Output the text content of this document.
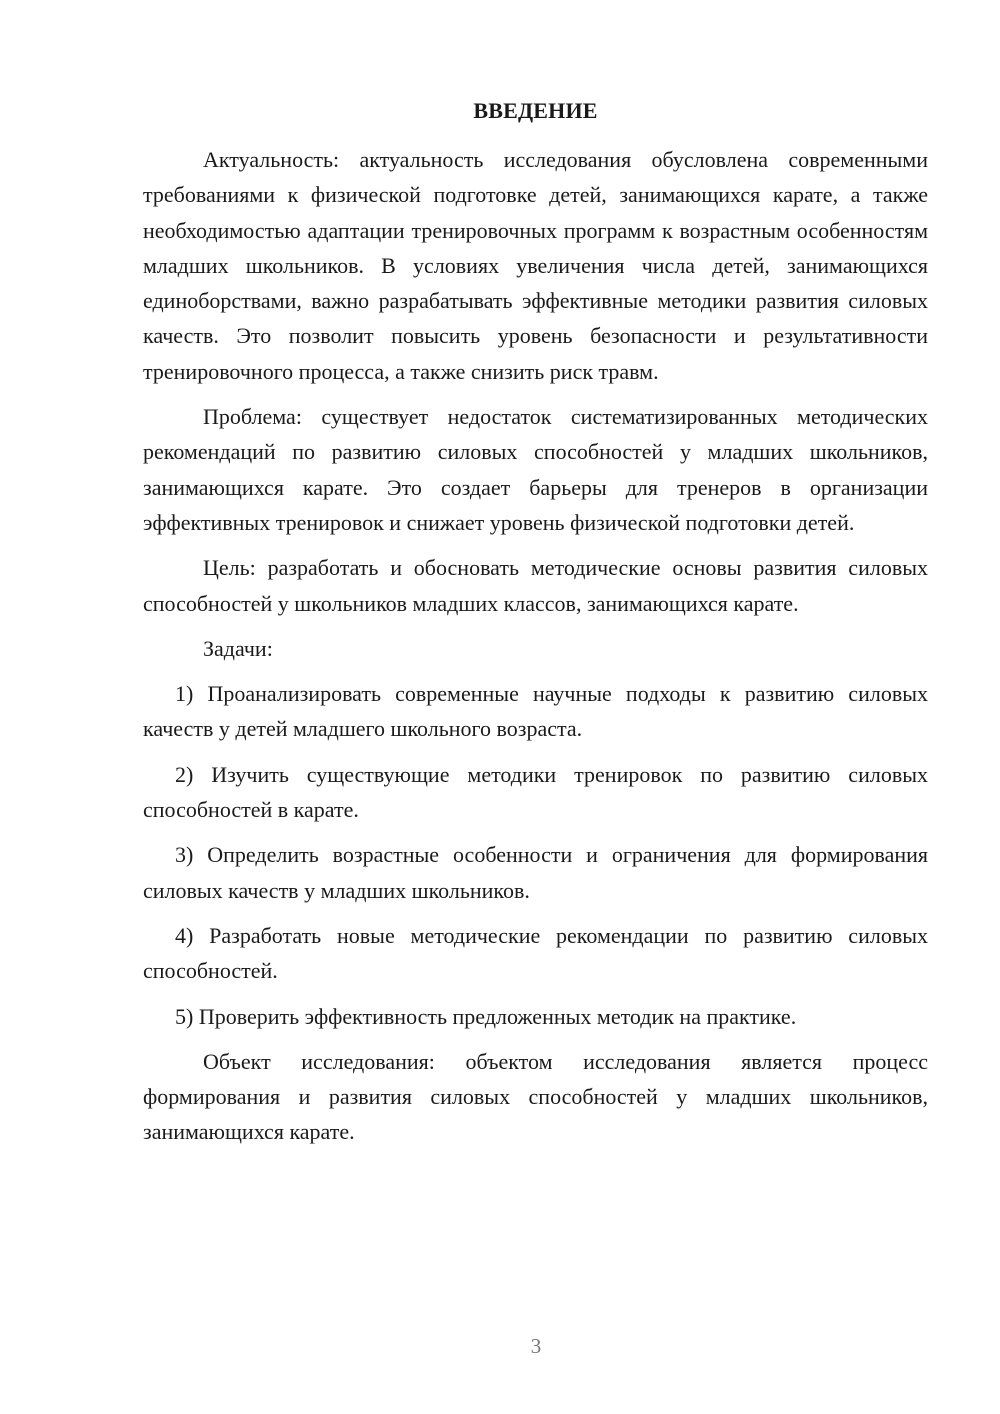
ВВЕДЕНИЕ

Актуальность: актуальность исследования обусловлена современными требованиями к физической подготовке детей, занимающихся карате, а также необходимостью адаптации тренировочных программ к возрастным особенностям младших школьников. В условиях увеличения числа детей, занимающихся единоборствами, важно разрабатывать эффективные методики развития силовых качеств. Это позволит повысить уровень безопасности и результативности тренировочного процесса, а также снизить риск травм.

Проблема: существует недостаток систематизированных методических рекомендаций по развитию силовых способностей у младших школьников, занимающихся карате. Это создает барьеры для тренеров в организации эффективных тренировок и снижает уровень физической подготовки детей.

Цель: разработать и обосновать методические основы развития силовых способностей у школьников младших классов, занимающихся карате.

Задачи:

1) Проанализировать современные научные подходы к развитию силовых качеств у детей младшего школьного возраста.

2) Изучить существующие методики тренировок по развитию силовых способностей в карате.

3) Определить возрастные особенности и ограничения для формирования силовых качеств у младших школьников.

4) Разработать новые методические рекомендации по развитию силовых способностей.

5) Проверить эффективность предложенных методик на практике.

Объект исследования: объектом исследования является процесс формирования и развития силовых способностей у младших школьников, занимающихся карате.

3
